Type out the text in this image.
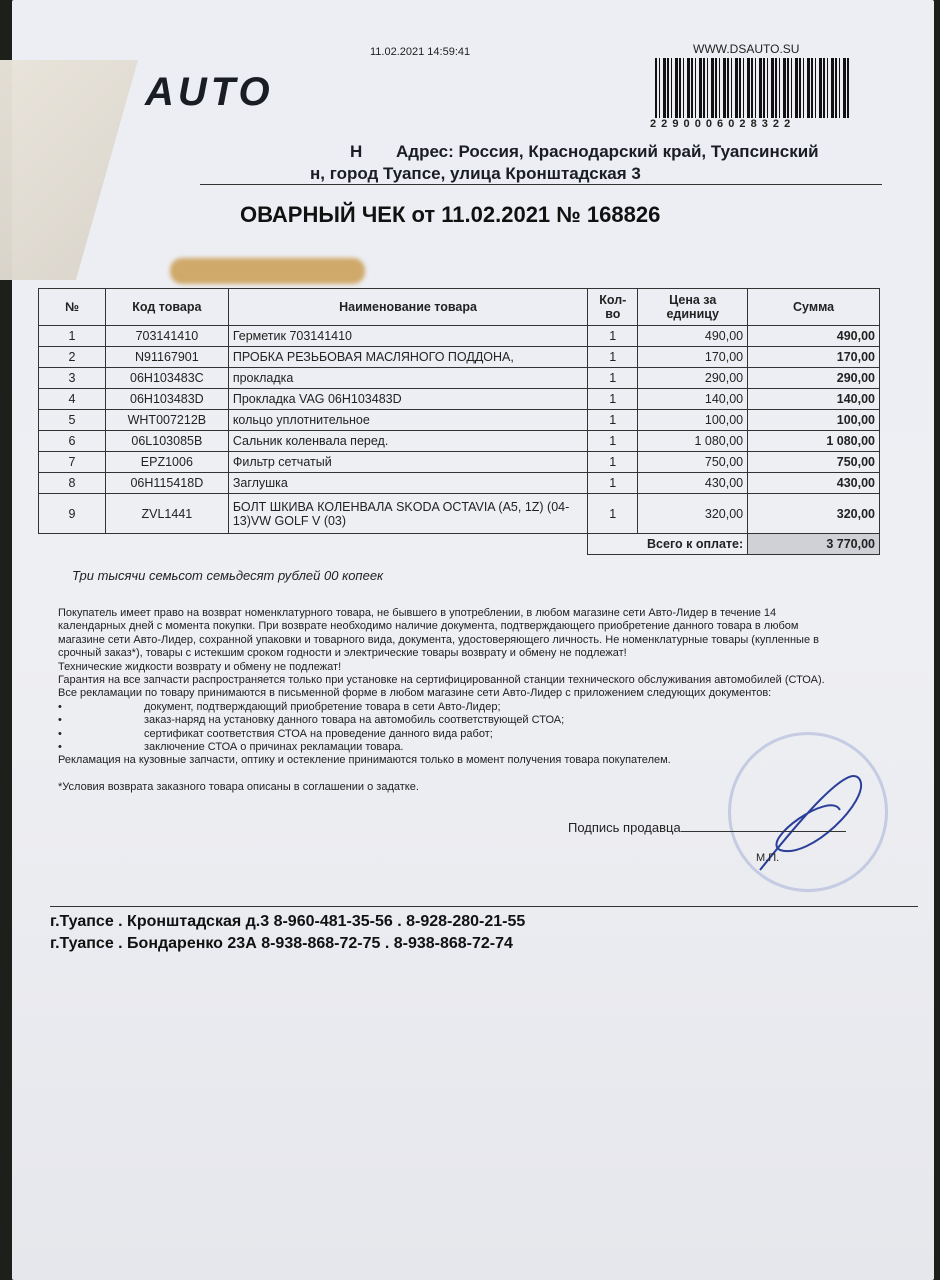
AUTO
11.02.2021 14:59:41	WWW.DSAUTO.SU
2 2 9 0 0 0 6 0 2 8 3 2 2
Н Адрес: Россия, Краснодарский край, Туапсинский
н, город Туапсе, улица Кронштадская 3
ОВАРНЫЙ ЧЕК от 11.02.2021 № 168826
№	Код товара	Наименование товара	Кол-во	Цена за единицу	Сумма
1	703141410	Герметик 703141410	1	490,00	490,00
2	N91167901	ПРОБКА РЕЗЬБОВАЯ МАСЛЯНОГО ПОДДОНА,	1	170,00	170,00
3	06H103483C	прокладка	1	290,00	290,00
4	06H103483D	Прокладка VAG 06H103483D	1	140,00	140,00
5	WHT007212B	кольцо уплотнительное	1	100,00	100,00
6	06L103085B	Сальник коленвала перед.	1	1 080,00	1 080,00
7	EPZ1006	Фильтр сетчатый	1	750,00	750,00
8	06H115418D	Заглушка	1	430,00	430,00
9	ZVL1441	БОЛТ ШКИВА КОЛЕНВАЛА SKODA OCTAVIA (A5, 1Z) (04-13)VW GOLF V (03)	1	320,00	320,00
			Всего к оплате:		3 770,00
Три тысячи семьсот семьдесят рублей 00 копеек
Покупатель имеет право на возврат номенклатурного товара, не бывшего в употреблении, в любом магазине сети Авто-Лидер в течение 14 календарных дней с момента покупки. При возврате необходимо наличие документа, подтверждающего приобретение данного товара в любом магазине сети Авто-Лидер, сохранной упаковки и товарного вида, документа, удостоверяющего личность. Не номенклатурные товары (купленные в срочный заказ*), товары с истекшим сроком годности и электрические товары возврату и обмену не подлежат!
Технические жидкости возврату и обмену не подлежат!
Гарантия на все запчасти распространяется только при установке на сертифицированной станции технического обслуживания автомобилей (СТОА). Все рекламации по товару принимаются в письменной форме в любом магазине сети Авто-Лидер с приложением следующих документов:
•	документ, подтверждающий приобретение товара в сети Авто-Лидер;
•	заказ-наряд на установку данного товара на автомобиль соответствующей СТОА;
•	сертификат соответствия СТОА на проведение данного вида работ;
•	заключение СТОА о причинах рекламации товара.
Рекламация на кузовные запчасти, оптику и остекление принимаются только в момент получения товара покупателем.
*Условия возврата заказного товара описаны в соглашении о задатке.
Подпись продавца
М.П.
г.Туапсе . Кронштадская д.3 8-960-481-35-56 . 8-928-280-21-55
г.Туапсе . Бондаренко 23А 8-938-868-72-75 . 8-938-868-72-74
